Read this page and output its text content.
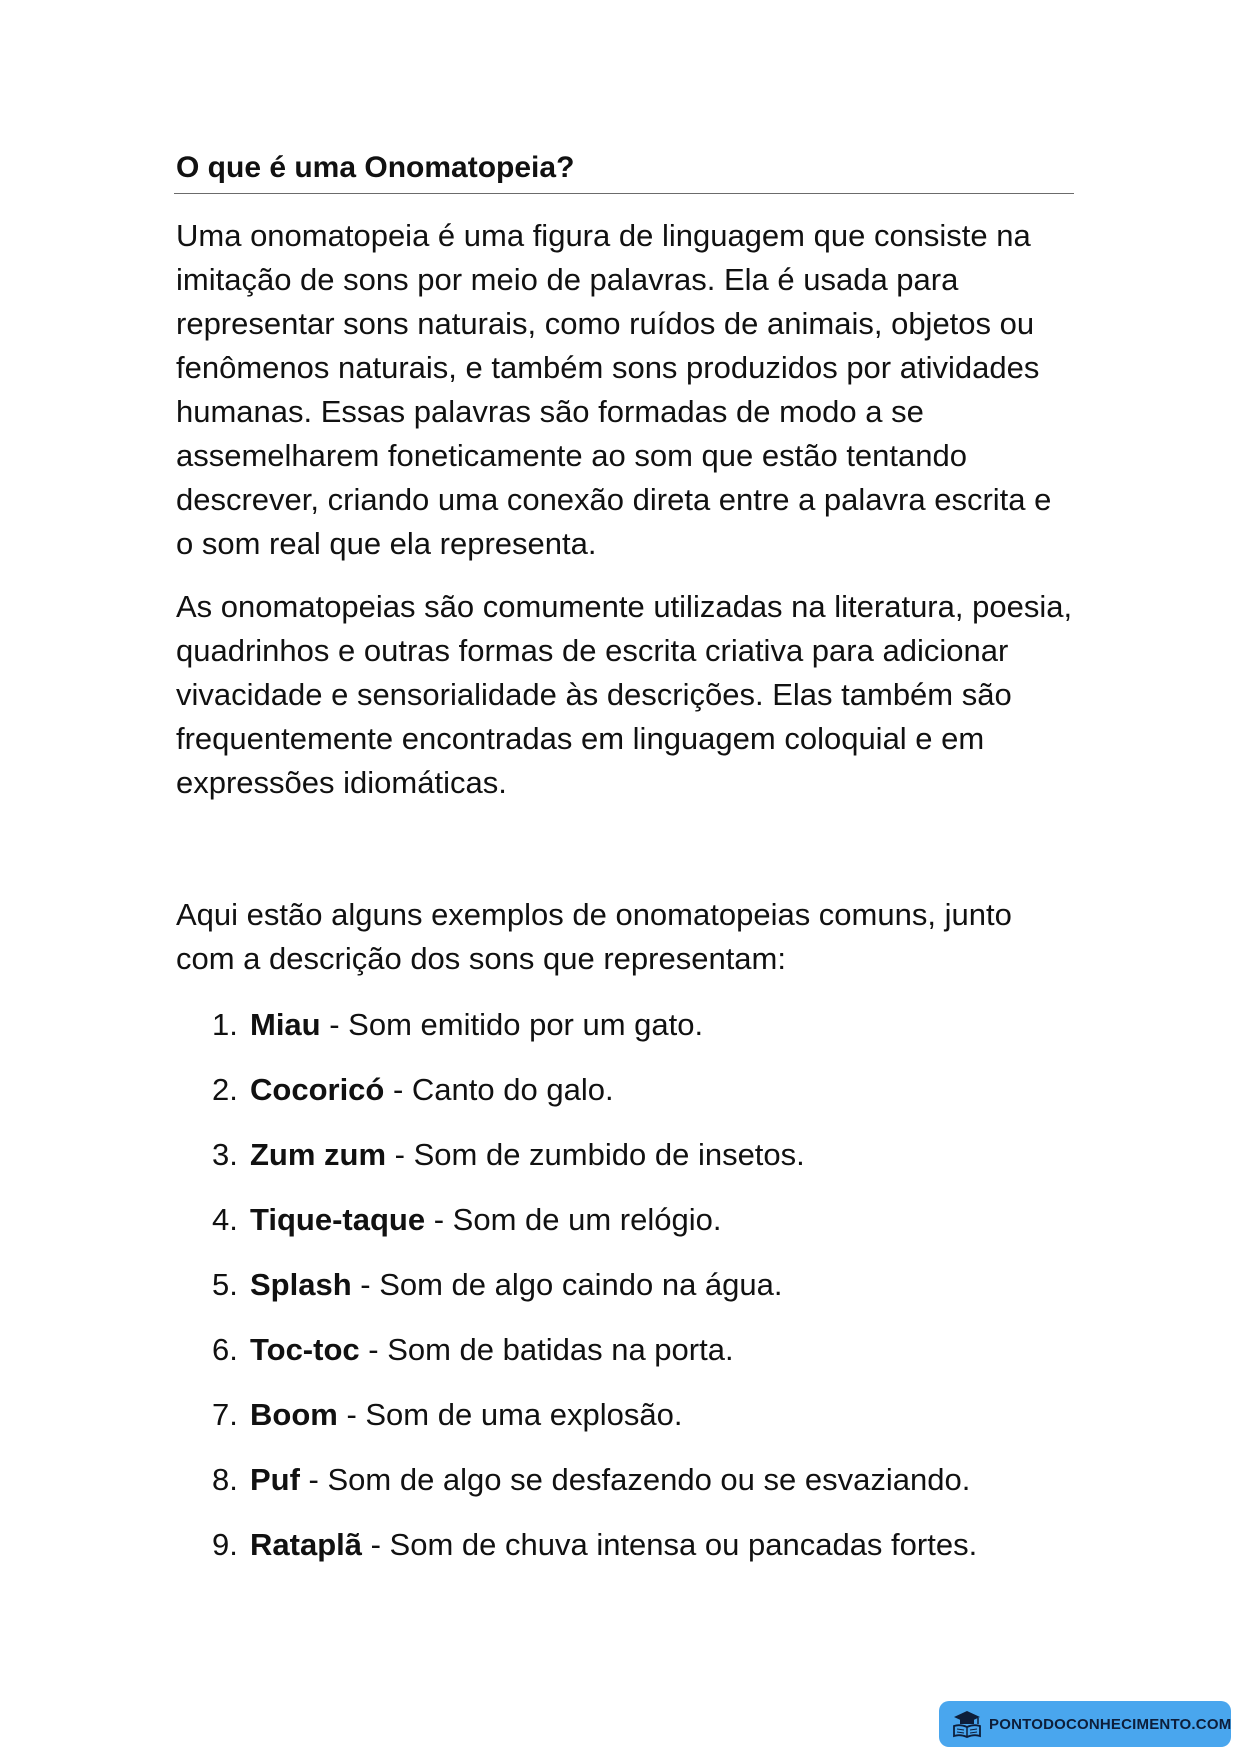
O que é uma Onomatopeia?

Uma onomatopeia é uma figura de linguagem que consiste na imitação de sons por meio de palavras. Ela é usada para representar sons naturais, como ruídos de animais, objetos ou fenômenos naturais, e também sons produzidos por atividades humanas. Essas palavras são formadas de modo a se assemelharem foneticamente ao som que estão tentando descrever, criando uma conexão direta entre a palavra escrita e o som real que ela representa.

As onomatopeias são comumente utilizadas na literatura, poesia, quadrinhos e outras formas de escrita criativa para adicionar vivacidade e sensorialidade às descrições. Elas também são frequentemente encontradas em linguagem coloquial e em expressões idiomáticas.

Aqui estão alguns exemplos de onomatopeias comuns, junto com a descrição dos sons que representam:

1. Miau - Som emitido por um gato.
2. Cocoricó - Canto do galo.
3. Zum zum - Som de zumbido de insetos.
4. Tique-taque - Som de um relógio.
5. Splash - Som de algo caindo na água.
6. Toc-toc - Som de batidas na porta.
7. Boom - Som de uma explosão.
8. Puf - Som de algo se desfazendo ou se esvaziando.
9. Rataplã - Som de chuva intensa ou pancadas fortes.
PONTODOCONHECIMENTO.COM
